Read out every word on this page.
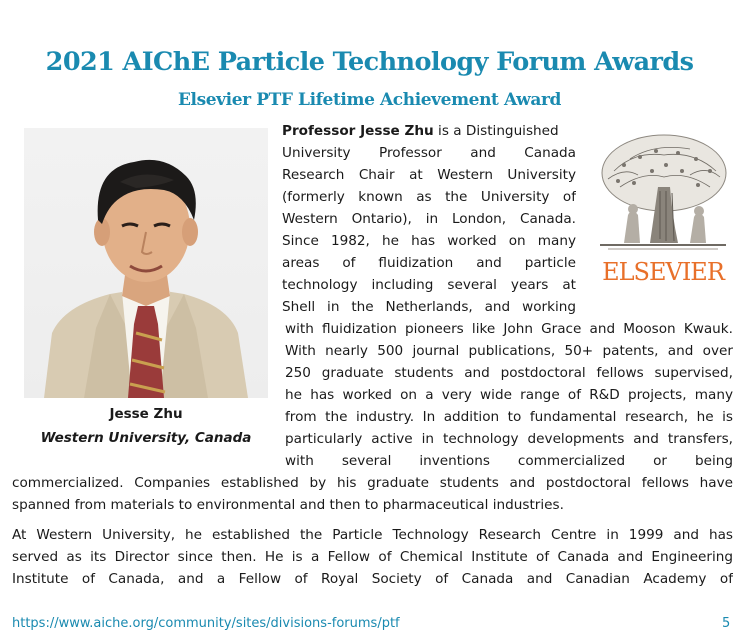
2021 AIChE Particle Technology Forum Awards
Elsevier PTF Lifetime Achievement Award
Jesse Zhu
Western University, Canada
ELSEVIER
Professor Jesse Zhu is a Distinguished
University Professor and Canada
Research Chair at Western University
(formerly known as the University of
Western Ontario), in London, Canada.
Since 1982, he has worked on many
areas of fluidization and particle
technology including several years at
Shell in the Netherlands, and working
with fluidization pioneers like John Grace and Mooson Kwauk.
With nearly 500 journal publications, 50+ patents, and over
250 graduate students and postdoctoral fellows supervised,
he has worked on a very wide range of R&D projects, many
from the industry. In addition to fundamental research, he is
particularly active in technology developments and transfers,
with several inventions commercialized or being
commercialized. Companies established by his graduate students and postdoctoral fellows have
spanned from materials to environmental and then to pharmaceutical industries.
At Western University, he established the Particle Technology Research Centre in 1999 and has
served as its Director since then. He is a Fellow of Chemical Institute of Canada and Engineering
Institute of Canada, and a Fellow of Royal Society of Canada and Canadian Academy of
https://www.aiche.org/community/sites/divisions-forums/ptf	5
